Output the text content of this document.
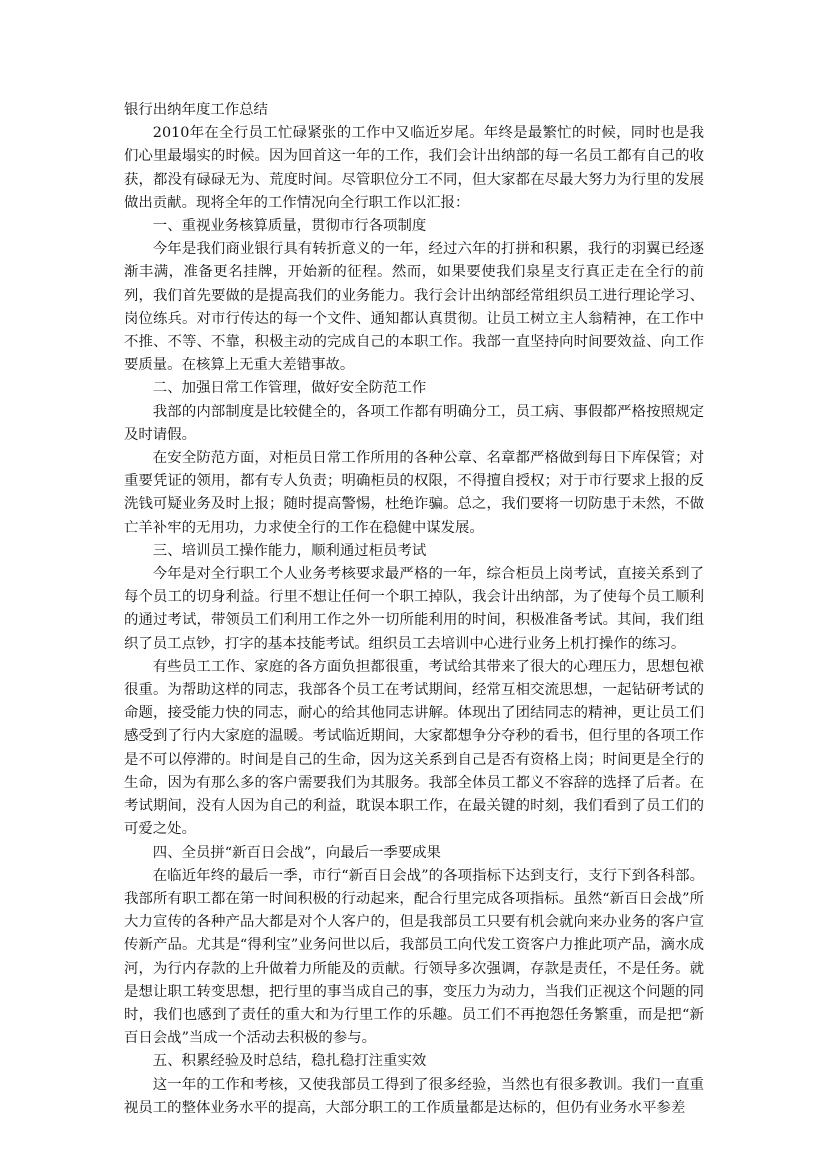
银行出纳年度工作总结
2010年在全行员工忙碌紧张的工作中又临近岁尾。年终是最繁忙的时候，同时也是我们心里最塌实的时候。因为回首这一年的工作，我们会计出纳部的每一名员工都有自己的收获，都没有碌碌无为、荒度时间。尽管职位分工不同，但大家都在尽最大努力为行里的发展做出贡献。现将全年的工作情况向全行职工作以汇报：
一、重视业务核算质量，贯彻市行各项制度
今年是我们商业银行具有转折意义的一年，经过六年的打拼和积累，我行的羽翼已经逐渐丰满，准备更名挂牌，开始新的征程。然而，如果要使我们泉星支行真正走在全行的前列，我们首先要做的是提高我们的业务能力。我行会计出纳部经常组织员工进行理论学习、岗位练兵。对市行传达的每一个文件、通知都认真贯彻。让员工树立主人翁精神，在工作中不推、不等、不靠，积极主动的完成自己的本职工作。我部一直坚持向时间要效益、向工作要质量。在核算上无重大差错事故。
二、加强日常工作管理，做好安全防范工作
我部的内部制度是比较健全的，各项工作都有明确分工，员工病、事假都严格按照规定及时请假。
在安全防范方面，对柜员日常工作所用的各种公章、名章都严格做到每日下库保管；对重要凭证的领用，都有专人负责；明确柜员的权限，不得擅自授权；对于市行要求上报的反洗钱可疑业务及时上报；随时提高警惕，杜绝诈骗。总之，我们要将一切防患于未然，不做亡羊补牢的无用功，力求使全行的工作在稳健中谋发展。
三、培训员工操作能力，顺利通过柜员考试
今年是对全行职工个人业务考核要求最严格的一年，综合柜员上岗考试，直接关系到了每个员工的切身利益。行里不想让任何一个职工掉队，我会计出纳部，为了使每个员工顺利的通过考试，带领员工们利用工作之外一切所能利用的时间，积极准备考试。其间，我们组织了员工点钞，打字的基本技能考试。组织员工去培训中心进行业务上机打操作的练习。
有些员工工作、家庭的各方面负担都很重，考试给其带来了很大的心理压力，思想包袱很重。为帮助这样的同志，我部各个员工在考试期间，经常互相交流思想，一起钻研考试的命题，接受能力快的同志，耐心的给其他同志讲解。体现出了团结同志的精神，更让员工们感受到了行内大家庭的温暖。考试临近期间，大家都想争分夺秒的看书，但行里的各项工作是不可以停滞的。时间是自己的生命，因为这关系到自己是否有资格上岗；时间更是全行的生命，因为有那么多的客户需要我们为其服务。我部全体员工都义不容辞的选择了后者。在考试期间，没有人因为自己的利益，耽误本职工作，在最关键的时刻，我们看到了员工们的可爱之处。
四、全员拼“新百日会战”，向最后一季要成果
在临近年终的最后一季，市行“新百日会战”的各项指标下达到支行，支行下到各科部。我部所有职工都在第一时间积极的行动起来，配合行里完成各项指标。虽然“新百日会战”所大力宣传的各种产品大都是对个人客户的，但是我部员工只要有机会就向来办业务的客户宣传新产品。尤其是“得利宝”业务问世以后，我部员工向代发工资客户力推此项产品，滴水成河，为行内存款的上升做着力所能及的贡献。行领导多次强调，存款是责任，不是任务。就是想让职工转变思想，把行里的事当成自己的事，变压力为动力，当我们正视这个问题的同时，我们也感到了责任的重大和为行里工作的乐趣。员工们不再抱怨任务繁重，而是把“新百日会战”当成一个活动去积极的参与。
五、积累经验及时总结，稳扎稳打注重实效
这一年的工作和考核，又使我部员工得到了很多经验，当然也有很多教训。我们一直重视员工的整体业务水平的提高，大部分职工的工作质量都是达标的，但仍有业务水平参差
